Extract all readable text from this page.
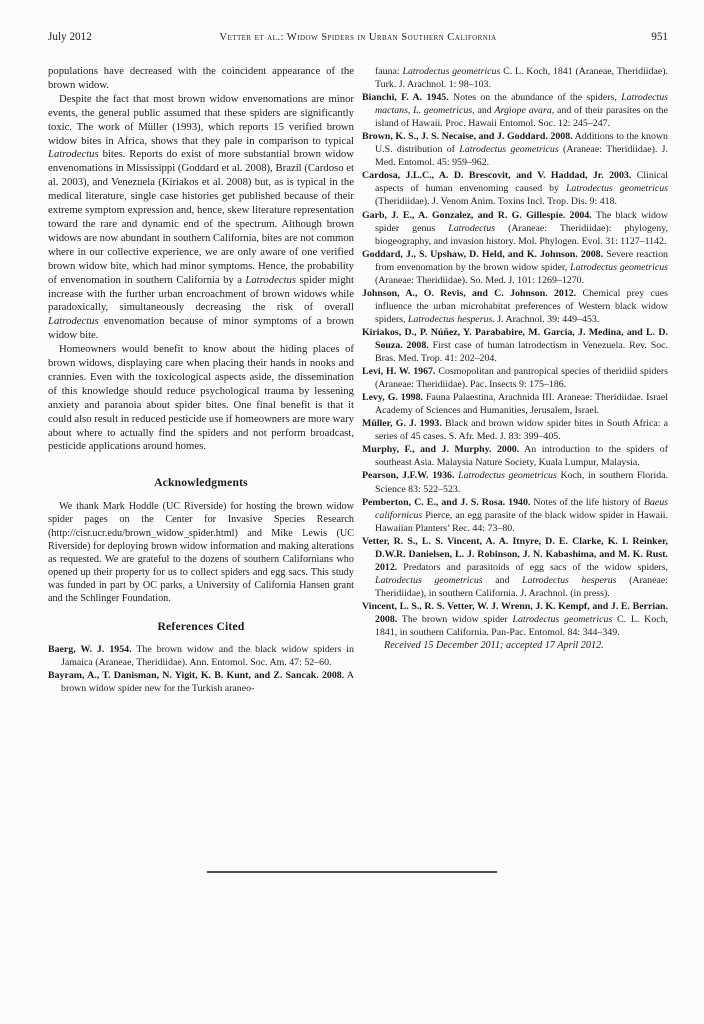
July 2012	Vetter et al.: Widow Spiders in Urban Southern California	951

populations have decreased with the coincident appearance of the brown widow.

Despite the fact that most brown widow envenomations are minor events, the general public assumed that these spiders are significantly toxic. The work of Müller (1993), which reports 15 verified brown widow bites in Africa, shows that they pale in comparison to typical Latrodectus bites. Reports do exist of more substantial brown widow envenomations in Mississippi (Goddard et al. 2008), Brazil (Cardoso et al. 2003), and Venezuela (Kiriakos et al. 2008) but, as is typical in the medical literature, single case histories get published because of their extreme symptom expression and, hence, skew literature representation toward the rare and dynamic end of the spectrum. Although brown widows are now abundant in southern California, bites are not common where in our collective experience, we are only aware of one verified brown widow bite, which had minor symptoms. Hence, the probability of envenomation in southern California by a Latrodectus spider might increase with the further urban encroachment of brown widows while paradoxically, simultaneously decreasing the risk of overall Latrodectus envenomation because of minor symptoms of a brown widow bite.

Homeowners would benefit to know about the hiding places of brown widows, displaying care when placing their hands in nooks and crannies. Even with the toxicological aspects aside, the dissemination of this knowledge should reduce psychological trauma by lessening anxiety and paranoia about spider bites. One final benefit is that it could also result in reduced pesticide use if homeowners are more wary about where to actually find the spiders and not perform broadcast, pesticide applications around homes.

Acknowledgments

We thank Mark Hoddle (UC Riverside) for hosting the brown widow spider pages on the Center for Invasive Species Research (http://cisr.ucr.edu/brown_widow_spider.html) and Mike Lewis (UC Riverside) for deploying brown widow information and making alterations as requested. We are grateful to the dozens of southern Californians who opened up their property for us to collect spiders and egg sacs. This study was funded in part by OC parks, a University of California Hansen grant and the Schlinger Foundation.

References Cited

Baerg, W. J. 1954. The brown widow and the black widow spiders in Jamaica (Araneae, Theridiidae). Ann. Entomol. Soc. Am. 47: 52–60.

Bayram, A., T. Danisman, N. Yigit, K. B. Kunt, and Z. Sancak. 2008. A brown widow spider new for the Turkish araneo-

fauna: Latrodectus geometricus C. L. Koch, 1841 (Araneae, Theridiidae). Turk. J. Arachnol. 1: 98–103.

Bianchi, F. A. 1945. Notes on the abundance of the spiders, Latrodectus mactans, L. geometricus, and Argiope avara, and of their parasites on the island of Hawaii. Proc. Hawaii Entomol. Soc. 12: 245–247.

Brown, K. S., J. S. Necaise, and J. Goddard. 2008. Additions to the known U.S. distribution of Latrodectus geometricus (Araneae: Theridiidae). J. Med. Entomol. 45: 959–962.

Cardosa, J.L.C., A. D. Brescovit, and V. Haddad, Jr. 2003. Clinical aspects of human envenoming caused by Latrodectus geometricus (Theridiidae). J. Venom Anim. Toxins Incl. Trop. Dis. 9: 418.

Garb, J. E., A. Gonzalez, and R. G. Gillespie. 2004. The black widow spider genus Latrodectus (Araneae: Theridiidae): phylogeny, biogeography, and invasion history. Mol. Phylogen. Evol. 31: 1127–1142.

Goddard, J., S. Upshaw, D. Held, and K. Johnson. 2008. Severe reaction from envenomation by the brown widow spider, Latrodectus geometricus (Araneae: Theridiidae). So. Med. J. 101: 1269–1270.

Johnson, A., O. Revis, and C. Johnson. 2012. Chemical prey cues influence the urban microhabitat preferences of Western black widow spiders, Latrodectus hesperus. J. Arachnol. 39: 449–453.

Kiriakos, D., P. Núñez, Y. Parababire, M. Garcia, J. Medina, and L. D. Souza. 2008. First case of human latrodectism in Venezuela. Rev. Soc. Bras. Med. Trop. 41: 202–204.

Levi, H. W. 1967. Cosmopolitan and pantropical species of theridiid spiders (Araneae: Theridiidae). Pac. Insects 9: 175–186.

Levy, G. 1998. Fauna Palaestina, Arachnida III. Araneae: Theridiidae. Israel Academy of Sciences and Humanities, Jerusalem, Israel.

Müller, G. J. 1993. Black and brown widow spider bites in South Africa: a series of 45 cases. S. Afr. Med. J. 83: 399–405.

Murphy, F., and J. Murphy. 2000. An introduction to the spiders of southeast Asia. Malaysia Nature Society, Kuala Lumpur, Malaysia.

Pearson, J.F.W. 1936. Latrodectus geometricus Koch, in southern Florida. Science 83: 522–523.

Pemberton, C. E., and J. S. Rosa. 1940. Notes of the life history of Baeus californicus Pierce, an egg parasite of the black widow spider in Hawaii. Hawaiian Planters’ Rec. 44: 73–80.

Vetter, R. S., L. S. Vincent, A. A. Itnyre, D. E. Clarke, K. I. Reinker, D.W.R. Danielsen, L. J. Robinson, J. N. Kabashima, and M. K. Rust. 2012. Predators and parasitoids of egg sacs of the widow spiders, Latrodectus geometricus and Latrodectus hesperus (Araneae: Theridiidae), in southern California. J. Arachnol. (in press).

Vincent, L. S., R. S. Vetter, W. J. Wrenn, J. K. Kempf, and J. E. Berrian. 2008. The brown widow spider Latrodectus geometricus C. L. Koch, 1841, in southern California. Pan-Pac. Entomol. 84: 344–349.

Received 15 December 2011; accepted 17 April 2012.
